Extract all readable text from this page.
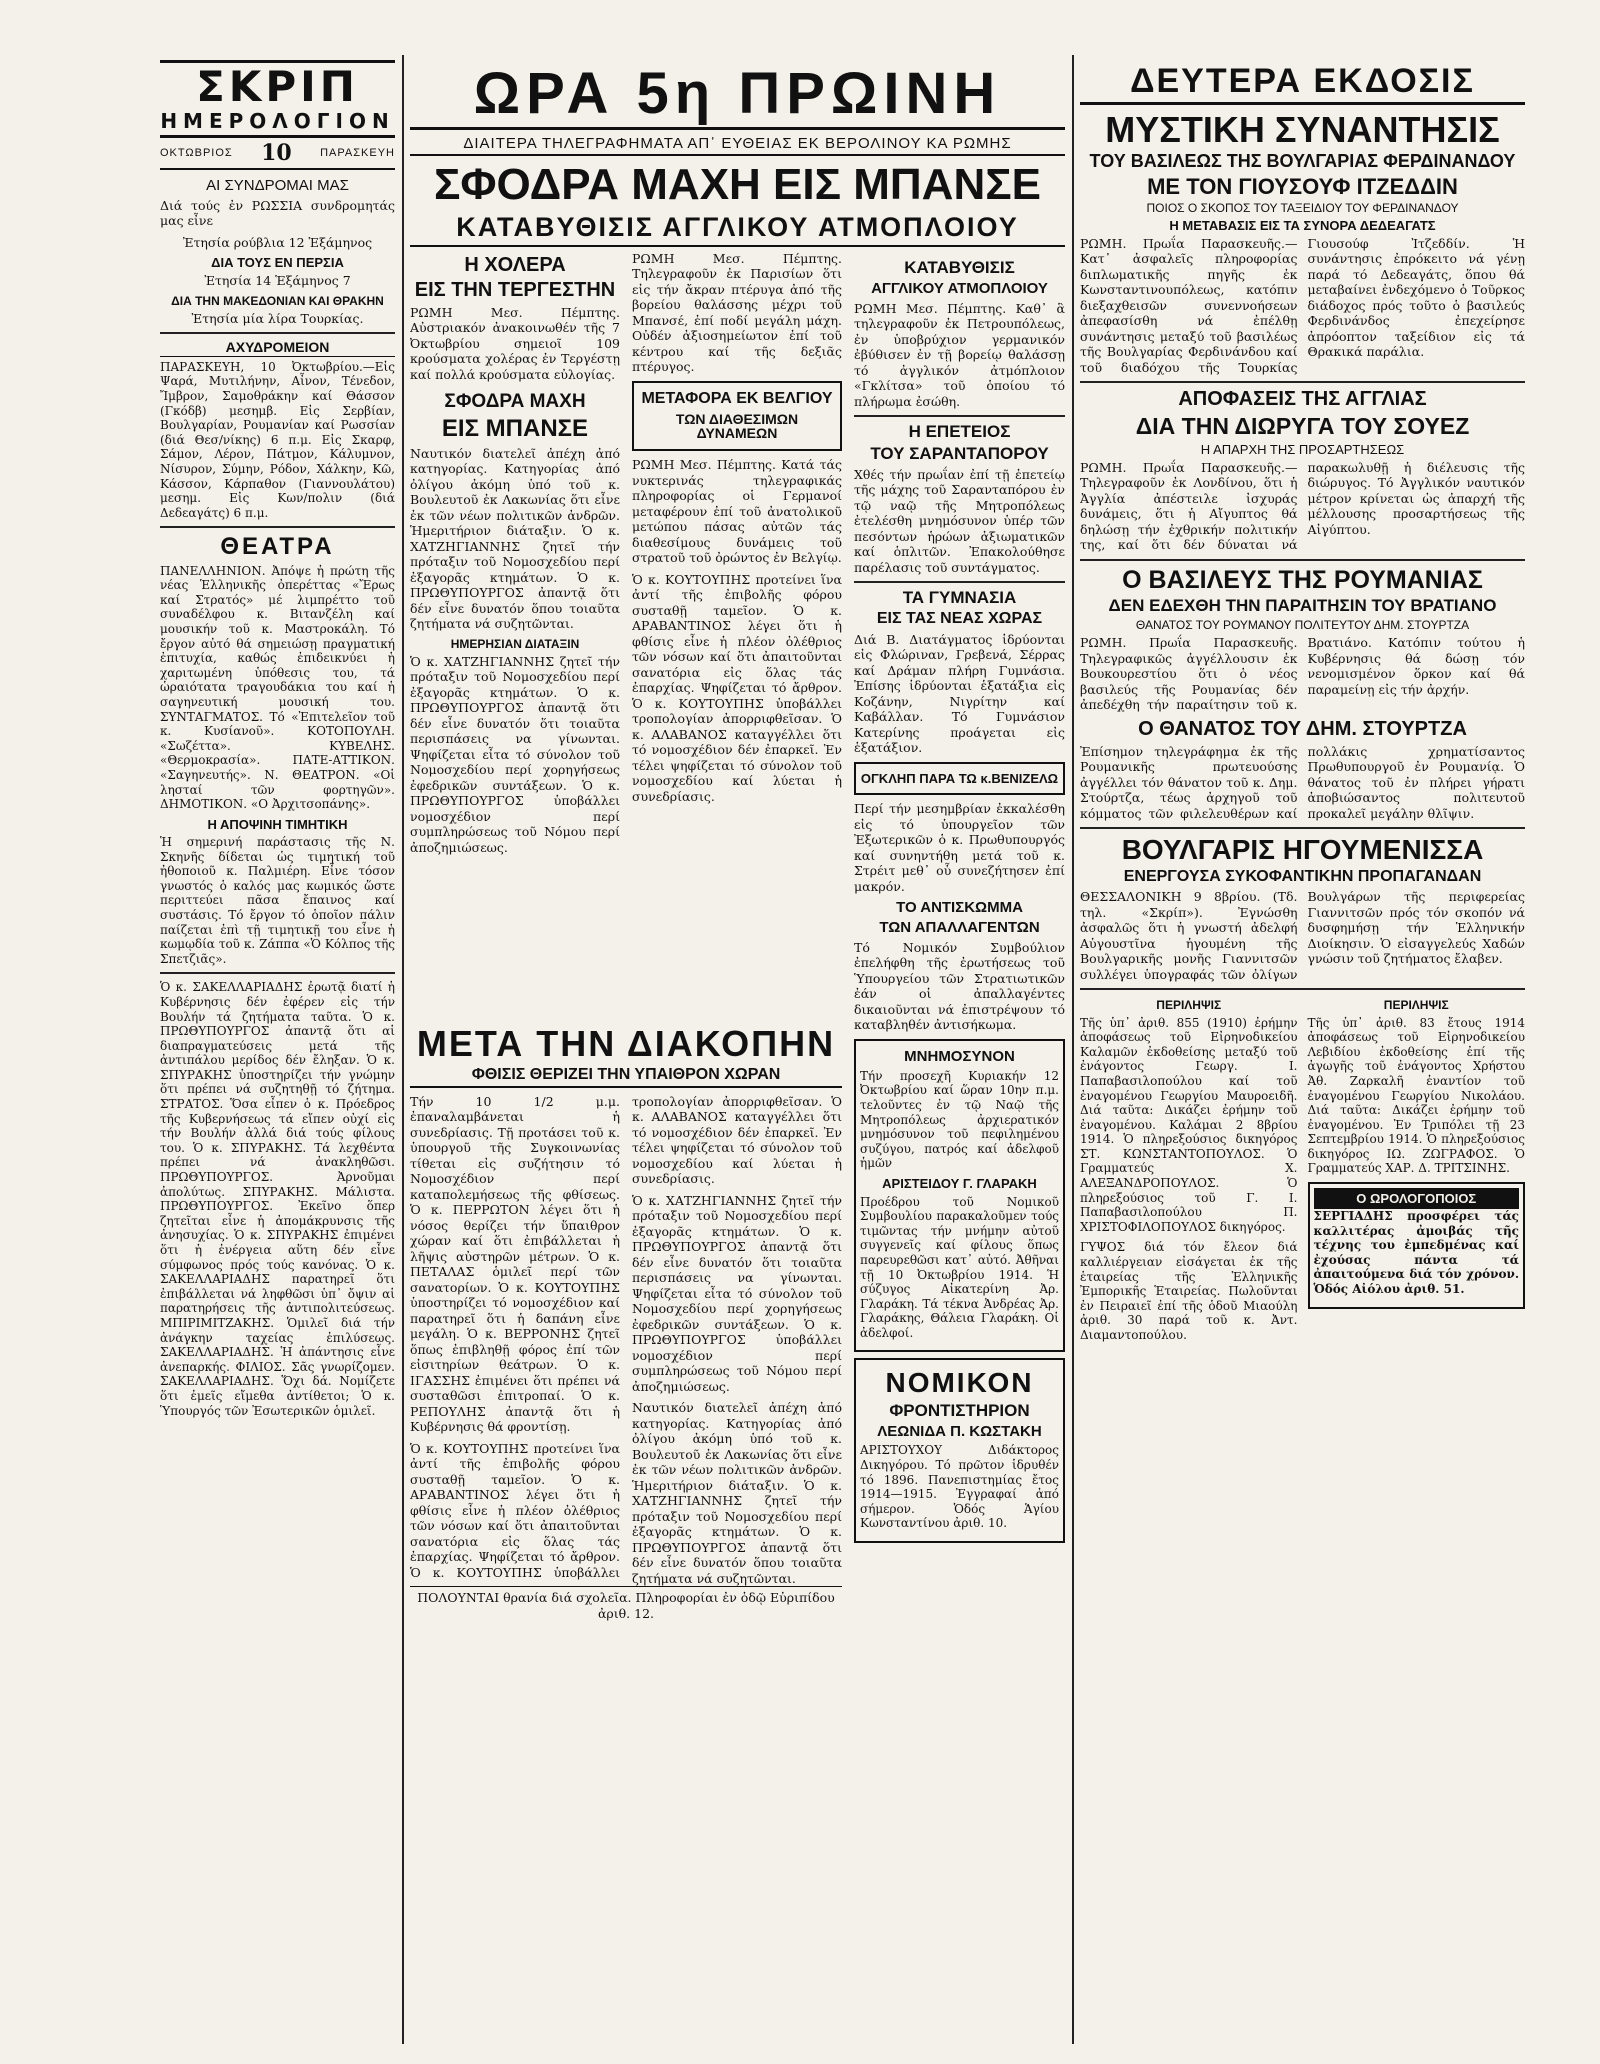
ΣΚΡΙΠ
ΗΜΕΡΟΛΟΓΙΟΝ
ΟΚΤΩΒΡΙΟΣ 10	ΠΑΡΑΣΚΕΥΗ
ΑΙ ΣΥΝΔΡΟΜΑΙ ΜΑΣ
Διά τούς ἐν ΡΩΣΣΙΑ συνδρομητάς μας εἶνε
Ἐτησία ρούβλια 12 Ἑξάμηνος
ΔΙΑ ΤΟΥΣ ΕΝ ΠΕΡΣΙΑ
Ἐτησία 14 Ἑξάμηνος 7
ΔΙΑ ΤΗΝ ΜΑΚΕΔΟΝΙΑΝ ΚΑΙ ΘΡΑΚΗΝ
Ἐτησία μία λίρα Τουρκίας.
ΑΧΥΔΡΟΜΕΙΟΝ
ΠΑΡΑΣΚΕΥΗ, 10 Ὀκτωβρίου.—Εἰς Ψαρά, Μυτιλήνην, Αἶνον, Τένεδον, Ἴμβρον, Σαμοθράκην καί Θάσσον (Γκόδβ) μεσημβ. Εἰς Σερβίαν, Βουλγαρίαν, Ρουμανίαν καί Ρωσσίαν (διά Θεσ/νίκης) 6 π.μ. Εἰς Σκαρφ, Σάμον, Λέρον, Πάτμον, Κάλυμνον, Νίσυρον, Σύμην, Ρόδον, Χάλκην, Κῶ, Κάσσον, Κάρπαθον (Γιαννουλάτου) μεσημ. Εἰς Κων/πολιν (διά Δεδεαγάτς) 6 π.μ.
ΘΕΑΤΡΑ
ΠΑΝΕΛΛΗΝΙΟΝ. Ἀπόψε ἡ πρώτη τῆς νέας Ἑλληνικῆς ὀπερέττας «Ἔρως καί Στρατός» μέ λιμπρέττο τοῦ συναδέλφου κ. Βιτανζέλη καί μουσικήν τοῦ κ. Μαστροκάλη. Τό ἔργον αὐτό θά σημειώσῃ πραγματική ἐπιτυχία, καθώς ἐπιδεικνύει ἡ χαριτωμένη ὑπόθεσις του, τά ὡραιότατα τραγουδάκια του καί ἡ σαγηνευτική μουσική του. ΣΥΝΤΑΓΜΑΤΟΣ. Τό «Ἐπιτελεῖον τοῦ κ. Κυσίανοῦ». ΚΟΤΟΠΟΥΛΗ. «Σωζέττα». ΚΥΒΕΛΗΣ. «Θερμοκρασία». ΠΑΤΕ-ΑΤΤΙΚΟΝ. «Σαγηνευτής». Ν. ΘΕΑΤΡΟΝ. «Οἱ λησταί τῶν φορτηγῶν». ΔΗΜΟΤΙΚΟΝ. «Ο Ἀρχιτσοπάνης».
Η ΑΠΟΨΙΝΗ ΤΙΜΗΤΙΚΗ
Ἡ σημερινή παράστασις τῆς Ν. Σκηνῆς δίδεται ὡς τιμητική τοῦ ἠθοποιοῦ κ. Παλμιέρη. Εἶνε τόσον γνωστός ὁ καλός μας κωμικός ὥστε περιττεύει πᾶσα ἔπαινος καί συστάσις. Τό ἔργον τό ὁποῖον πάλιν παίζεται ἐπὶ τῇ τιμητικῇ του εἶνε ἡ κωμῳδία τοῦ κ. Ζάππα «Ὁ Κόλπος τῆς Σπετζιᾶς».
Ὁ κ. ΣΑΚΕΛΛΑΡΙΑΔΗΣ ἐρωτᾷ διατί ἡ Κυβέρνησις δέν ἐφέρεν εἰς τήν Βουλήν τά ζητήματα ταῦτα. Ὁ κ. ΠΡΩΘΥΠΟΥΡΓΟΣ ἀπαντᾷ ὅτι αἱ διαπραγματεύσεις μετά τῆς ἀντιπάλου μερίδος δέν ἔληξαν. Ὁ κ. ΣΠΥΡΑΚΗΣ ὑποστηρίζει τήν γνώμην ὅτι πρέπει νά συζητηθῇ τό ζήτημα. ΣΤΡΑΤΟΣ. Ὅσα εἶπεν ὁ κ. Πρόεδρος τῆς Κυβερνήσεως τά εἴπεν οὐχί εἰς τήν Βουλήν ἀλλά διά τούς φίλους του. Ὁ κ. ΣΠΥΡΑΚΗΣ. Τά λεχθέντα πρέπει νά ἀνακληθῶσι. ΠΡΩΘΥΠΟΥΡΓΟΣ. Ἀρνοῦμαι ἀπολύτως. ΣΠΥΡΑΚΗΣ. Μάλιστα. ΠΡΩΘΥΠΟΥΡΓΟΣ. Ἐκεῖνο ὅπερ ζητεῖται εἶνε ἡ ἀπομάκρυνσις τῆς ἀνησυχίας. Ὁ κ. ΣΠΥΡΑΚΗΣ ἐπιμένει ὅτι ἡ ἐνέργεια αὕτη δέν εἶνε σύμφωνος πρός τούς κανόνας. Ὁ κ. ΣΑΚΕΛΛΑΡΙΑΔΗΣ παρατηρεῖ ὅτι ἐπιβάλλεται νά ληφθῶσι ὑπ᾽ ὄψιν αἱ παρατηρήσεις τῆς ἀντιπολιτεύσεως. ΜΠΙΡΙΜΙΤΖΑΚΗΣ. Ὁμιλεῖ διά τήν ἀνάγκην ταχείας ἐπιλύσεως. ΣΑΚΕΛΛΑΡΙΑΔΗΣ. Ἡ ἀπάντησις εἶνε ἀνεπαρκής. ΦΙΛΙΟΣ. Σᾶς γνωρίζομεν. ΣΑΚΕΛΛΑΡΙΑΔΗΣ. Ὅχι δά. Νομίζετε ὅτι ἐμεῖς εἴμεθα ἀντίθετοι; Ὁ κ. Ὑπουργός τῶν Ἐσωτερικῶν ὁμιλεῖ.
ΩΡΑ 5η ΠΡΩΙΝΗ
ΔΙΑΙΤΕΡΑ ΤΗΛΕΓΡΑΦΗΜΑΤΑ ΑΠ᾽ ΕΥΘΕΙΑΣ ΕΚ ΒΕΡΟΛΙΝΟΥ ΚΑ ΡΩΜΗΣ
ΣΦΟΔΡΑ ΜΑΧΗ ΕΙΣ ΜΠΑΝΣΕ
ΚΑΤΑΒΥΘΙΣΙΣ ΑΓΓΛΙΚΟΥ ΑΤΜΟΠΛΟΙΟΥ
Η ΧΟΛΕΡΑ
ΕΙΣ ΤΗΝ ΤΕΡΓΕΣΤΗΝ
ΡΩΜΗ Μεσ. Πέμπτης. Αὐστριακόν ἀνακοινωθέν τῆς 7 Ὀκτωβρίου σημειοῖ 109 κρούσματα χολέρας ἐν Τεργέστῃ καί πολλά κρούσματα εὐλογίας.
ΣΦΟΔΡΑ ΜΑΧΗ
ΕΙΣ ΜΠΑΝΣΕ
Ναυτικόν διατελεῖ ἀπέχη ἀπό κατηγορίας. Κατηγορίας ἀπό ὀλίγου ἀκόμη ὑπό τοῦ κ. Βουλευτοῦ ἐκ Λακωνίας ὅτι εἶνε ἐκ τῶν νέων πολιτικῶν ἀνδρῶν. Ἡμεριτήριον διάταξιν. Ὁ κ. ΧΑΤΖΗΓΙΑΝΝΗΣ ζητεῖ τήν πρόταξιν τοῦ Νομοσχεδίου περί ἐξαγορᾶς κτημάτων. Ὁ κ. ΠΡΩΘΥΠΟΥΡΓΟΣ ἀπαντᾷ ὅτι δέν εἶνε δυνατόν ὅπου τοιαῦτα ζητήματα νά συζητῶνται.
ΗΜΕΡΗΣΙΑΝ ΔΙΑΤΑΞΙΝ
Ὁ κ. ΧΑΤΖΗΓΙΑΝΝΗΣ ζητεῖ τήν πρόταξιν τοῦ Νομοσχεδίου περί ἐξαγορᾶς κτημάτων. Ὁ κ. ΠΡΩΘΥΠΟΥΡΓΟΣ ἀπαντᾷ ὅτι δέν εἶνε δυνατόν ὅτι τοιαῦτα περισπάσεις να γίνωνται. Ψηφίζεται εἶτα τό σύνολον τοῦ Νομοσχεδίου περί χορηγήσεως ἐφεδρικῶν συντάξεων. Ὁ κ. ΠΡΩΘΥΠΟΥΡΓΟΣ ὑποβάλλει νομοσχέδιον περί συμπληρώσεως τοῦ Νόμου περί ἀποζημιώσεως.
ΡΩΜΗ Μεσ. Πέμπτης. Τηλεγραφοῦν ἐκ Παρισίων ὅτι εἰς τήν ἄκραν πτέρυγα ἀπό τῆς βορείου θαλάσσης μέχρι τοῦ Μπανσέ, ἐπί ποδί μεγάλη μάχη. Οὐδέν ἀξιοσημείωτον ἐπί τοῦ κέντρου καί τῆς δεξιᾶς πτέρυγος.
ΜΕΤΑΦΟΡΑ ΕΚ ΒΕΛΓΙΟΥ
ΤΩΝ ΔΙΑΘΕΣΙΜΩΝ ΔΥΝΑΜΕΩΝ
ΡΩΜΗ Μεσ. Πέμπτης. Κατά τάς νυκτερινάς τηλεγραφικάς πληροφορίας οἱ Γερμανοί μεταφέρουν ἐπί τοῦ ἀνατολικοῦ μετώπου πάσας αὐτῶν τάς διαθεσίμους δυνάμεις τοῦ στρατοῦ τοῦ ὀρώντος ἐν Βελγίῳ.
Ὁ κ. ΚΟΥΤΟΥΠΗΣ προτείνει ἵνα ἀντί τῆς ἐπιβολῆς φόρου συσταθῇ ταμεῖον. Ὁ κ. ΑΡΑΒΑΝΤΙΝΟΣ λέγει ὅτι ἡ φθίσις εἶνε ἡ πλέον ὀλέθριος τῶν νόσων καί ὅτι ἀπαιτοῦνται σανατόρια εἰς ὅλας τάς ἐπαρχίας. Ψηφίζεται τό ἄρθρον. Ὁ κ. ΚΟΥΤΟΥΠΗΣ ὑποβάλλει τροπολογίαν ἀπορριφθεῖσαν. Ὁ κ. ΑΛΑΒΑΝΟΣ καταγγέλλει ὅτι τό νομοσχέδιον δέν ἐπαρκεῖ. Ἐν τέλει ψηφίζεται τό σύνολον τοῦ νομοσχεδίου καί λύεται ἡ συνεδρίασις.
ΚΑΤΑΒΥΘΙΣΙΣ
ΑΓΓΛΙΚΟΥ ΑΤΜΟΠΛΟΙΟΥ
ΡΩΜΗ Μεσ. Πέμπτης. Καθ᾽ ἃ τηλεγραφοῦν ἐκ Πετρουπόλεως, ἐν ὑποβρύχιον γερμανικόν ἐβύθισεν ἐν τῇ βορείῳ θαλάσσῃ τό ἀγγλικόν ἀτμόπλοιον «Γκλίτσα» τοῦ ὁποίου τό πλήρωμα ἐσώθη.
Η ΕΠΕΤΕΙΟΣ
ΤΟΥ ΣΑΡΑΝΤΑΠΟΡΟΥ
Χθές τήν πρωΐαν ἐπί τῇ ἐπετείῳ τῆς μάχης τοῦ Σαρανταπόρου ἐν τῷ ναῷ τῆς Μητροπόλεως ἐτελέσθη μνημόσυνον ὑπέρ τῶν πεσόντων ἡρώων ἀξιωματικῶν καί ὁπλιτῶν. Ἐπακολούθησε παρέλασις τοῦ συντάγματος.
ΤΑ ΓΥΜΝΑΣΙΑ
ΕΙΣ ΤΑΣ ΝΕΑΣ ΧΩΡΑΣ
Διά Β. Διατάγματος ἱδρύονται εἰς Φλώριναν, Γρεβενά, Σέρρας καί Δράμαν πλήρη Γυμνάσια. Ἐπίσης ἱδρύονται ἑξατάξια εἰς Κοζάνην, Νιγρίτην καί Καβάλλαν. Τό Γυμνάσιον Κατερίνης προάγεται εἰς ἑξατάξιον.
ΟΓΚΛΗΠ ΠΑΡΑ ΤΩ κ.ΒΕΝΙΖΕΛΩ
Περί τήν μεσημβρίαν ἐκκαλέσθη εἰς τό ὑπουργεῖον τῶν Ἐξωτερικῶν ὁ κ. Πρωθυπουργός καί συνηντήθη μετά τοῦ κ. Στρέιτ μεθ᾽ οὗ συνεζήτησεν ἐπί μακρόν.
ΤΟ ΑΝΤΙΣΚΩΜΜΑ
ΤΩΝ ΑΠΑΛΛΑΓΕΝΤΩΝ
Τό Νομικόν Συμβούλιον ἐπελήφθη τῆς ἐρωτήσεως τοῦ Ὑπουργείου τῶν Στρατιωτικῶν ἐάν οἱ ἀπαλλαγέντες δικαιοῦνται νά ἐπιστρέψουν τό καταβληθέν ἀντισήκωμα.
ΜΝΗΜΟΣΥΝΟΝ
Τήν προσεχῆ Κυριακήν 12 Ὀκτωβρίου καί ὥραν 10ην π.μ. τελοῦντες ἐν τῷ Ναῷ τῆς Μητροπόλεως ἀρχιερατικόν μνημόσυνον τοῦ πεφιλημένου συζύγου, πατρός καί ἀδελφοῦ ἡμῶν
ΑΡΙΣΤΕΙΔΟΥ Γ. ΓΛΑΡΑΚΗ
Προέδρου τοῦ Νομικοῦ Συμβουλίου παρακαλοῦμεν τούς τιμῶντας τήν μνήμην αὐτοῦ συγγενεῖς καί φίλους ὅπως παρευρεθῶσι κατ᾽ αὐτό. Ἀθῆναι τῇ 10 Ὀκτωβρίου 1914. Ἡ σύζυγος Αἰκατερίνη Ἀρ. Γλαράκη. Τά τέκνα Ἀνδρέας Ἀρ. Γλαράκης, Θάλεια Γλαράκη. Οἱ ἀδελφοί.
ΝΟΜΙΚΟΝ
ΦΡΟΝΤΙΣΤΗΡΙΟΝ
ΛΕΩΝΙΔΑ Π. ΚΩΣΤΑΚΗ
ΑΡΙΣΤΟΥΧΟΥ Διδάκτορος Δικηγόρου. Τό πρῶτον ἱδρυθέν τό 1896. Πανεπιστημίας ἔτος 1914—1915. Ἐγγραφαί ἀπό σήμερον. Ὁδός Ἁγίου Κωνσταντίνου ἀριθ. 10.
ΜΕΤΑ ΤΗΝ ΔΙΑΚΟΠΗΝ
ΦΘΙΣΙΣ ΘΕΡΙΖΕΙ ΤΗΝ ΥΠΑΙΘΡΟΝ ΧΩΡΑΝ
Τήν 10 1/2 μ.μ. ἐπαναλαμβάνεται ἡ συνεδρίασις. Τῇ προτάσει τοῦ κ. ὑπουργοῦ τῆς Συγκοινωνίας τίθεται εἰς συζήτησιν τό Νομοσχέδιον περί καταπολεμήσεως τῆς φθίσεως. Ὁ κ. ΠΕΡΡΩΤΟΝ λέγει ὅτι ἡ νόσος θερίζει τήν ὕπαιθρον χώραν καί ὅτι ἐπιβάλλεται ἡ λῆψις αὐστηρῶν μέτρων. Ὁ κ. ΠΕΤΑΛΑΣ ὁμιλεῖ περί τῶν σανατορίων. Ὁ κ. ΚΟΥΤΟΥΠΗΣ ὑποστηρίζει τό νομοσχέδιον καί παρατηρεῖ ὅτι ἡ δαπάνη εἶνε μεγάλη. Ὁ κ. ΒΕΡΡΟΝΗΣ ζητεῖ ὅπως ἐπιβληθῇ φόρος ἐπί τῶν εἰσιτηρίων θεάτρων. Ὁ κ. ΙΓΑΣΣΗΣ ἐπιμένει ὅτι πρέπει νά συσταθῶσι ἐπιτροπαί. Ὁ κ. ΡΕΠΟΥΛΗΣ ἀπαντᾷ ὅτι ἡ Κυβέρνησις θά φροντίσῃ.
Ὁ κ. ΚΟΥΤΟΥΠΗΣ προτείνει ἵνα ἀντί τῆς ἐπιβολῆς φόρου συσταθῇ ταμεῖον. Ὁ κ. ΑΡΑΒΑΝΤΙΝΟΣ λέγει ὅτι ἡ φθίσις εἶνε ἡ πλέον ὀλέθριος τῶν νόσων καί ὅτι ἀπαιτοῦνται σανατόρια εἰς ὅλας τάς ἐπαρχίας. Ψηφίζεται τό ἄρθρον. Ὁ κ. ΚΟΥΤΟΥΠΗΣ ὑποβάλλει τροπολογίαν ἀπορριφθεῖσαν. Ὁ κ. ΑΛΑΒΑΝΟΣ καταγγέλλει ὅτι τό νομοσχέδιον δέν ἐπαρκεῖ. Ἐν τέλει ψηφίζεται τό σύνολον τοῦ νομοσχεδίου καί λύεται ἡ συνεδρίασις.
Ὁ κ. ΧΑΤΖΗΓΙΑΝΝΗΣ ζητεῖ τήν πρόταξιν τοῦ Νομοσχεδίου περί ἐξαγορᾶς κτημάτων. Ὁ κ. ΠΡΩΘΥΠΟΥΡΓΟΣ ἀπαντᾷ ὅτι δέν εἶνε δυνατόν ὅτι τοιαῦτα περισπάσεις να γίνωνται. Ψηφίζεται εἶτα τό σύνολον τοῦ Νομοσχεδίου περί χορηγήσεως ἐφεδρικῶν συντάξεων. Ὁ κ. ΠΡΩΘΥΠΟΥΡΓΟΣ ὑποβάλλει νομοσχέδιον περί συμπληρώσεως τοῦ Νόμου περί ἀποζημιώσεως.
Ναυτικόν διατελεῖ ἀπέχη ἀπό κατηγορίας. Κατηγορίας ἀπό ὀλίγου ἀκόμη ὑπό τοῦ κ. Βουλευτοῦ ἐκ Λακωνίας ὅτι εἶνε ἐκ τῶν νέων πολιτικῶν ἀνδρῶν. Ἡμεριτήριον διάταξιν. Ὁ κ. ΧΑΤΖΗΓΙΑΝΝΗΣ ζητεῖ τήν πρόταξιν τοῦ Νομοσχεδίου περί ἐξαγορᾶς κτημάτων. Ὁ κ. ΠΡΩΘΥΠΟΥΡΓΟΣ ἀπαντᾷ ὅτι δέν εἶνε δυνατόν ὅπου τοιαῦτα ζητήματα νά συζητῶνται.
ΠΟΛΟΥΝΤΑΙ θρανία διά σχολεῖα. Πληροφορίαι ἐν ὁδῷ Εὐριπίδου ἀριθ. 12.
ΔΕΥΤΕΡΑ ΕΚΔΟΣΙΣ
ΜΥΣΤΙΚΗ ΣΥΝΑΝΤΗΣΙΣ
ΤΟΥ ΒΑΣΙΛΕΩΣ ΤΗΣ ΒΟΥΛΓΑΡΙΑΣ ΦΕΡΔΙΝΑΝΔΟΥ
ΜΕ ΤΟΝ ΓΙΟΥΣΟΥΦ ΙΤΖΕΔΔΙΝ
ΠΟΙΟΣ Ο ΣΚΟΠΟΣ ΤΟΥ ΤΑΞΕΙΔΙΟΥ ΤΟΥ ΦΕΡΔΙΝΑΝΔΟΥ
Η ΜΕΤΑΒΑΣΙΣ ΕΙΣ ΤΑ ΣΥΝΟΡΑ ΔΕΔΕΑΓΑΤΣ
ΡΩΜΗ. Πρωΐα Παρασκευῆς.—Κατ᾽ ἀσφαλεῖς πληροφορίας διπλωματικῆς πηγῆς ἐκ Κωνσταντινουπόλεως, κατόπιν διεξαχθεισῶν συνεννοήσεων ἀπεφασίσθη νά ἐπέλθῃ συνάντησις μεταξύ τοῦ βασιλέως τῆς Βουλγαρίας Φερδινάνδου καί τοῦ διαδόχου τῆς Τουρκίας Γιουσούφ Ἰτζεδδίν. Ἡ συνάντησις ἐπρόκειτο νά γένῃ παρά τό Δεδεαγάτς, ὅπου θά μεταβαίνει ἐνδεχόμενο ὁ Τοῦρκος διάδοχος πρός τοῦτο ὁ βασιλεύς Φερδινάνδος ἐπεχείρησε ἀπρόοπτον ταξείδιον εἰς τά Θρακικά παράλια.
ΑΠΟΦΑΣΕΙΣ ΤΗΣ ΑΓΓΛΙΑΣ
ΔΙΑ ΤΗΝ ΔΙΩΡΥΓΑ ΤΟΥ ΣΟΥΕΖ
Η ΑΠΑΡΧΗ ΤΗΣ ΠΡΟΣΑΡΤΗΣΕΩΣ
ΡΩΜΗ. Πρωΐα Παρασκευῆς.—Τηλεγραφοῦν ἐκ Λονδίνου, ὅτι ἡ Ἀγγλία ἀπέστειλε ἰσχυράς δυνάμεις, ὅτι ἡ Αἴγυπτος θά δηλώσῃ τήν ἐχθρικήν πολιτικήν της, καί ὅτι δέν δύναται νά παρακωλυθῇ ἡ διέλευσις τῆς διώρυγος. Τό Ἀγγλικόν ναυτικόν μέτρον κρίνεται ὡς ἀπαρχή τῆς μέλλουσης προσαρτήσεως τῆς Αἰγύπτου.
Ο ΒΑΣΙΛΕΥΣ ΤΗΣ ΡΟΥΜΑΝΙΑΣ
ΔΕΝ ΕΔΕΧΘΗ ΤΗΝ ΠΑΡΑΙΤΗΣΙΝ ΤΟΥ ΒΡΑΤΙΑΝΟ
ΘΑΝΑΤΟΣ ΤΟΥ ΡΟΥΜΑΝΟΥ ΠΟΛΙΤΕΥΤΟΥ ΔΗΜ. ΣΤΟΥΡΤΖΑ
ΡΩΜΗ. Πρωΐα Παρασκευῆς. Τηλεγραφικῶς ἀγγέλλουσιν ἐκ Βουκουρεστίου ὅτι ὁ νέος βασιλεύς τῆς Ρουμανίας δέν ἀπεδέχθη τήν παραίτησιν τοῦ κ. Βρατιάνο. Κατόπιν τούτου ἡ Κυβέρνησις θά δώσῃ τόν νενομισμένον ὅρκον καί θά παραμείνῃ εἰς τήν ἀρχήν.
Ο ΘΑΝΑΤΟΣ ΤΟΥ ΔΗΜ. ΣΤΟΥΡΤΖΑ
Ἐπίσημον τηλεγράφημα ἐκ τῆς Ρουμανικῆς πρωτευούσης ἀγγέλλει τόν θάνατον τοῦ κ. Δημ. Στούρτζα, τέως ἀρχηγοῦ τοῦ κόμματος τῶν φιλελευθέρων καί πολλάκις χρηματίσαντος Πρωθυπουργοῦ ἐν Ρουμανίᾳ. Ὁ θάνατος τοῦ ἐν πλήρει γήρατι ἀποβιώσαντος πολιτευτοῦ προκαλεῖ μεγάλην θλῖψιν.
ΒΟΥΛΓΑΡΙΣ ΗΓΟΥΜΕΝΙΣΣΑ
ΕΝΕΡΓΟΥΣΑ ΣΥΚΟΦΑΝΤΙΚΗΝ ΠΡΟΠΑΓΑΝΔΑΝ
ΘΕΣΣΑΛΟΝΙΚΗ 9 8βρίου. (Τδ. τηλ. «Σκρίπ»). Ἐγνώσθη ἀσφαλῶς ὅτι ἡ γνωστή ἀδελφή Αὐγουστῖνα ἡγουμένη τῆς Βουλγαρικῆς μονῆς Γιαννιτσῶν συλλέγει ὑπογραφάς τῶν ὀλίγων Βουλγάρων τῆς περιφερείας Γιαννιτσῶν πρός τόν σκοπόν νά δυσφημήσῃ τήν Ἑλληνικήν Διοίκησιν. Ὁ εἰσαγγελεύς Χαδών γνώσιν τοῦ ζητήματος ἔλαβεν.
ΠΕΡΙΛΗΨΙΣ
Τῆς ὑπ᾽ ἀριθ. 855 (1910) ἐρήμην ἀποφάσεως τοῦ Εἰρηνοδικείου Καλαμῶν ἐκδοθείσης μεταξύ τοῦ ἐνάγοντος Γεωργ. Ι. Παπαβασιλοπούλου καί τοῦ ἐναγομένου Γεωργίου Μαυροειδῆ. Διά ταῦτα: Δικάζει ἐρήμην τοῦ ἐναγομένου. Καλάμαι 2 8βρίου 1914. Ὁ πληρεξούσιος δικηγόρος ΣΤ. ΚΩΝΣΤΑΝΤΟΠΟΥΛΟΣ. Ὁ Γραμματεύς Χ. ΑΛΕΞΑΝΔΡΟΠΟΥΛΟΣ. Ὁ πληρεξούσιος τοῦ Γ. Ι. Παπαβασιλοπούλου Π. ΧΡΙΣΤΟΦΙΛΟΠΟΥΛΟΣ δικηγόρος.
ΓΥΨΟΣ διά τόν ἔλεον διά καλλιέργειαν εἰσάγεται ἐκ τῆς ἑταιρείας τῆς Ἑλληνικῆς Ἐμπορικῆς Ἑταιρείας. Πωλοῦνται ἐν Πειραιεῖ ἐπί τῆς ὁδοῦ Μιαούλη ἀριθ. 30 παρά τοῦ κ. Ἀντ. Διαμαντοπούλου.
ΠΕΡΙΛΗΨΙΣ
Τῆς ὑπ᾽ ἀριθ. 83 ἔτους 1914 ἀποφάσεως τοῦ Εἰρηνοδικείου Λεβιδίου ἐκδοθείσης ἐπί τῆς ἀγωγῆς τοῦ ἐνάγοντος Χρήστου Ἀθ. Ζαρκαλῆ ἐναντίον τοῦ ἐναγομένου Γεωργίου Νικολάου. Διά ταῦτα: Δικάζει ἐρήμην τοῦ ἐναγομένου. Ἐν Τριπόλει τῇ 23 Σεπτεμβρίου 1914. Ὁ πληρεξούσιος δικηγόρος ΙΩ. ΖΩΓΡΑΦΟΣ. Ὁ Γραμματεύς ΧΑΡ. Δ. ΤΡΙΤΣΙΝΗΣ.
Ο ΩΡΟΛΟΓΟΠΟΙΟΣ
ΣΕΡΓΙΑΔΗΣ προσφέρει τάς καλλιτέρας ἀμοιβάς τῆς τέχνης του ἐμπεδμένας καί ἐχούσας πάντα τά ἀπαιτούμενα διά τόν χρόνον. Ὁδός Αἰόλου ἀριθ. 51.
